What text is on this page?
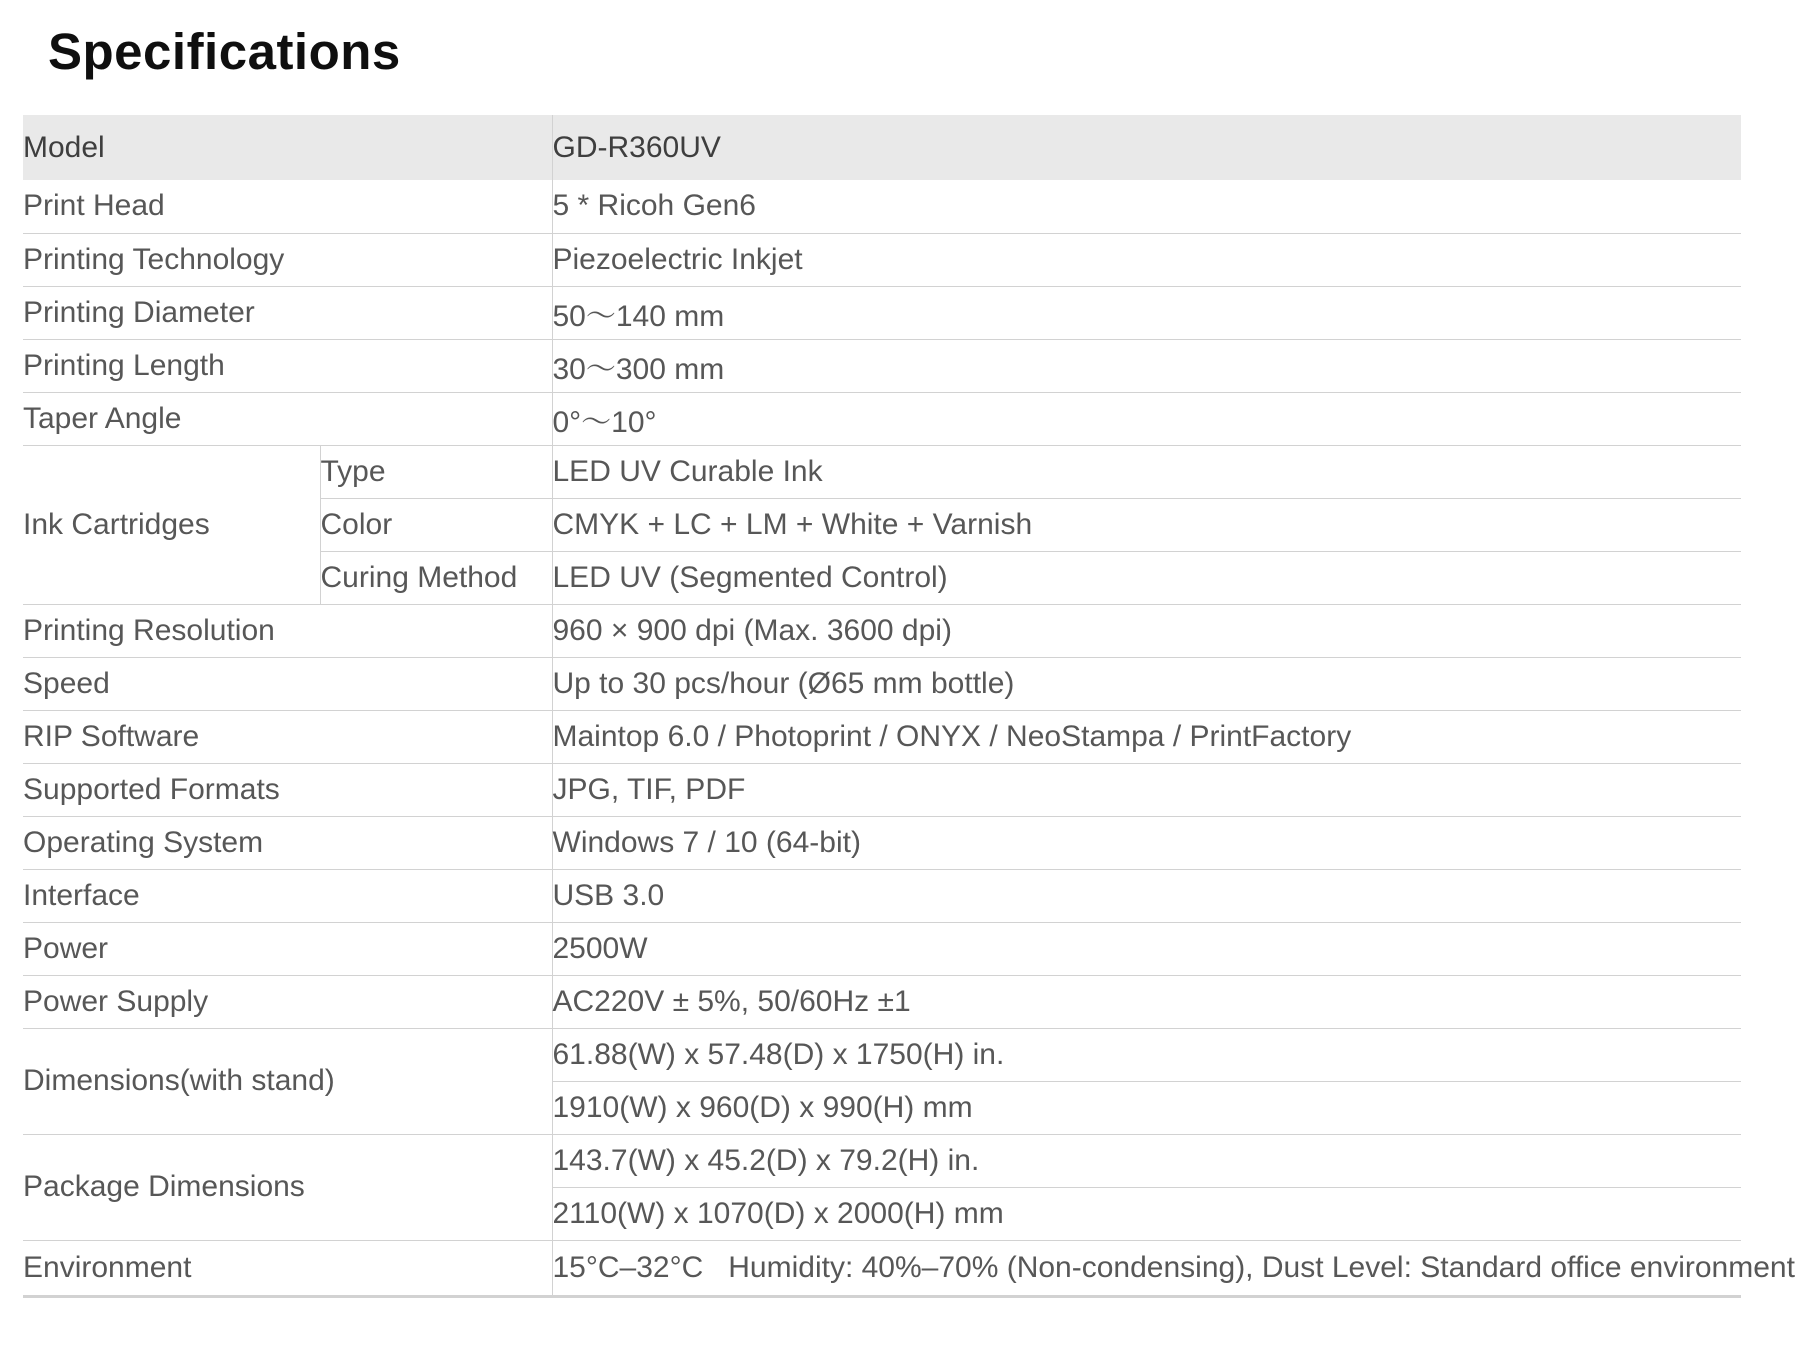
Specifications
Model		GD-R360UV
Print Head		5 * Ricoh Gen6
Printing Technology		Piezoelectric Inkjet
Printing Diameter		50～140 mm
Printing Length		30～300 mm
Taper Angle		0°～10°
Ink Cartridges	Type	LED UV Curable Ink
	Color	CMYK + LC + LM + White + Varnish
	Curing Method	LED UV (Segmented Control)
Printing Resolution		960 × 900 dpi (Max. 3600 dpi)
Speed		Up to 30 pcs/hour (Ø65 mm bottle)
RIP Software		Maintop 6.0 / Photoprint / ONYX / NeoStampa / PrintFactory
Supported Formats		JPG, TIF, PDF
Operating System		Windows 7 / 10 (64-bit)
Interface		USB 3.0
Power		2500W
Power Supply		AC220V ± 5%, 50/60Hz ±1
Dimensions(with stand)		61.88(W) x 57.48(D) x 1750(H) in.
		1910(W) x 960(D) x 990(H) mm
Package Dimensions		143.7(W) x 45.2(D) x 79.2(H) in.
		2110(W) x 1070(D) x 2000(H) mm
Environment		15°C–32°C   Humidity: 40%–70% (Non-condensing), Dust Level: Standard office environment
